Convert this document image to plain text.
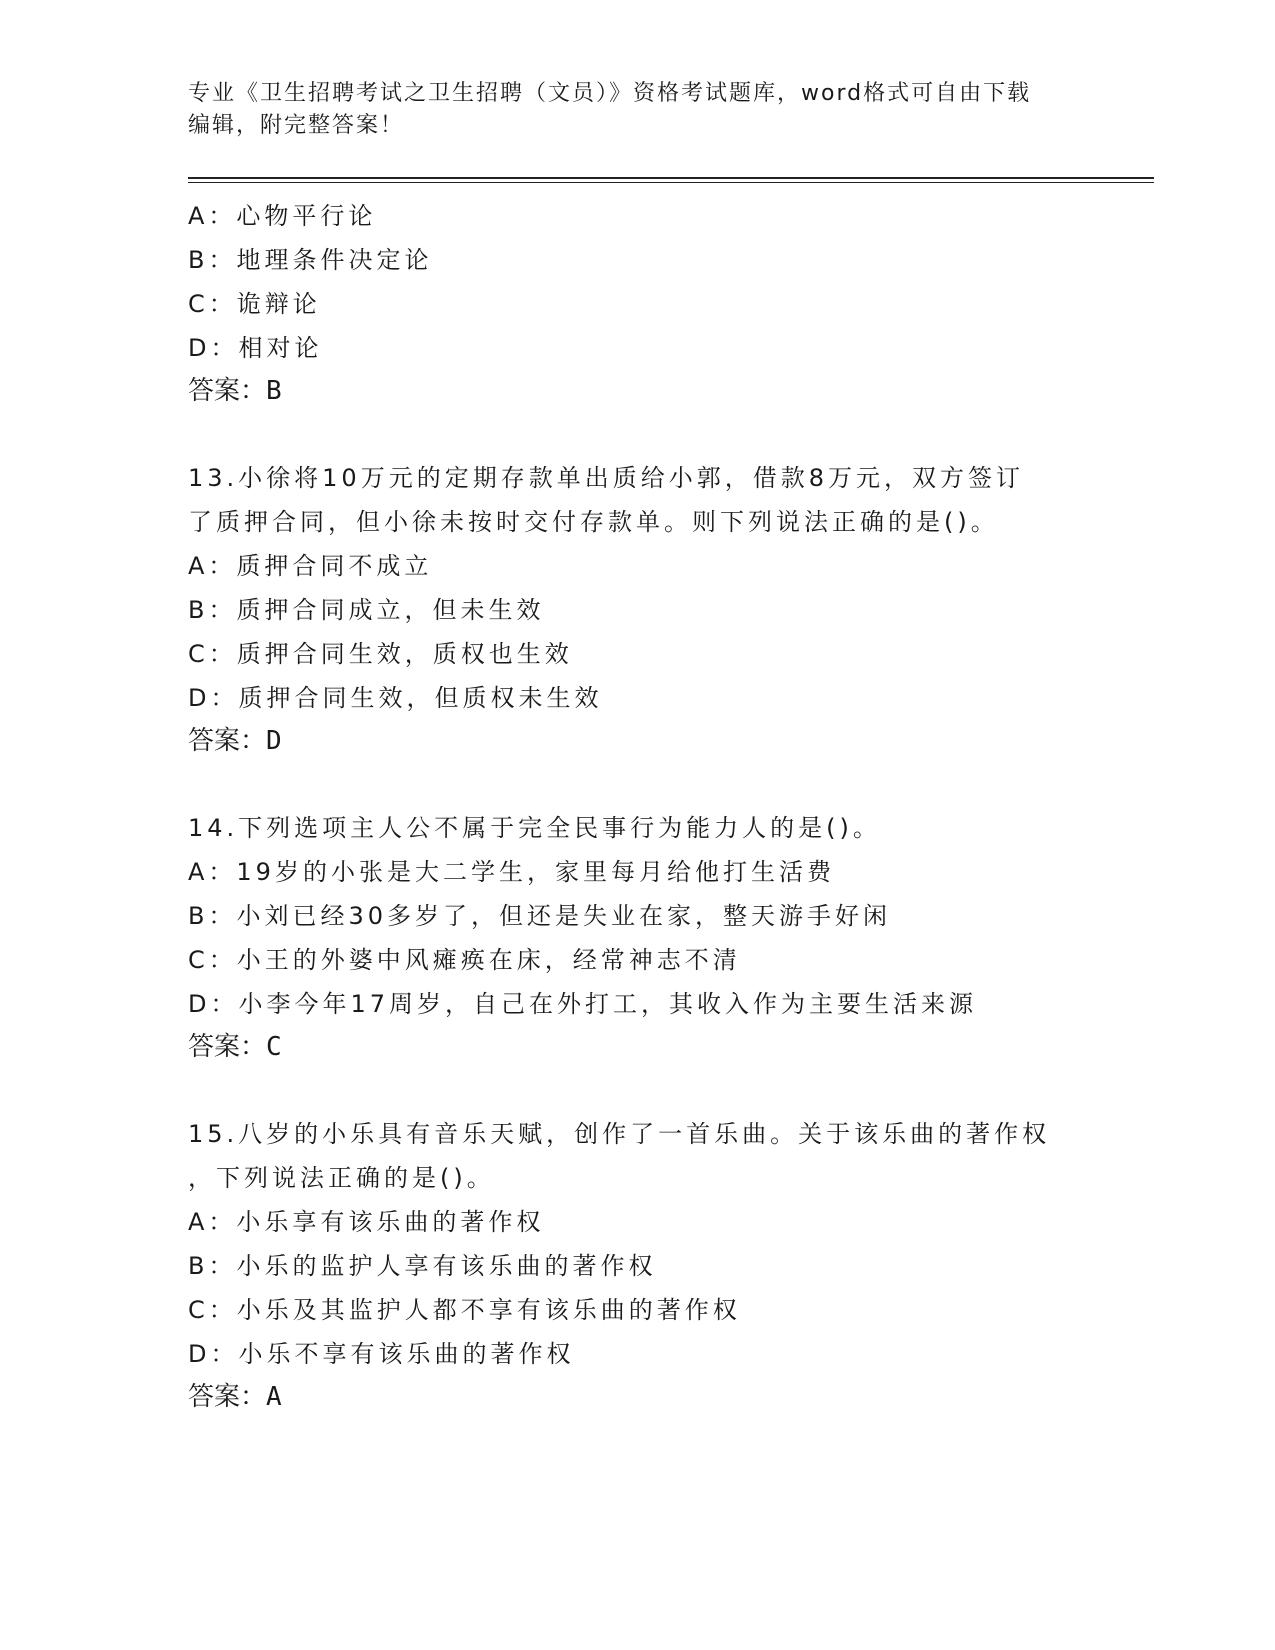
专业《卫生招聘考试之卫生招聘（文员）》资格考试题库，word格式可自由下载
编辑，附完整答案！
A：心物平行论
B：地理条件决定论
C：诡辩论
D：相对论
答案：B
13.小徐将10万元的定期存款单出质给小郭，借款8万元，双方签订
了质押合同，但小徐未按时交付存款单。则下列说法正确的是()。
A：质押合同不成立
B：质押合同成立，但未生效
C：质押合同生效，质权也生效
D：质押合同生效，但质权未生效
答案：D
14.下列选项主人公不属于完全民事行为能力人的是()。
A：19岁的小张是大二学生，家里每月给他打生活费
B：小刘已经30多岁了，但还是失业在家，整天游手好闲
C：小王的外婆中风瘫痪在床，经常神志不清
D：小李今年17周岁，自己在外打工，其收入作为主要生活来源
答案：C
15.八岁的小乐具有音乐天赋，创作了一首乐曲。关于该乐曲的著作权
，下列说法正确的是()。
A：小乐享有该乐曲的著作权
B：小乐的监护人享有该乐曲的著作权
C：小乐及其监护人都不享有该乐曲的著作权
D：小乐不享有该乐曲的著作权
答案：A
